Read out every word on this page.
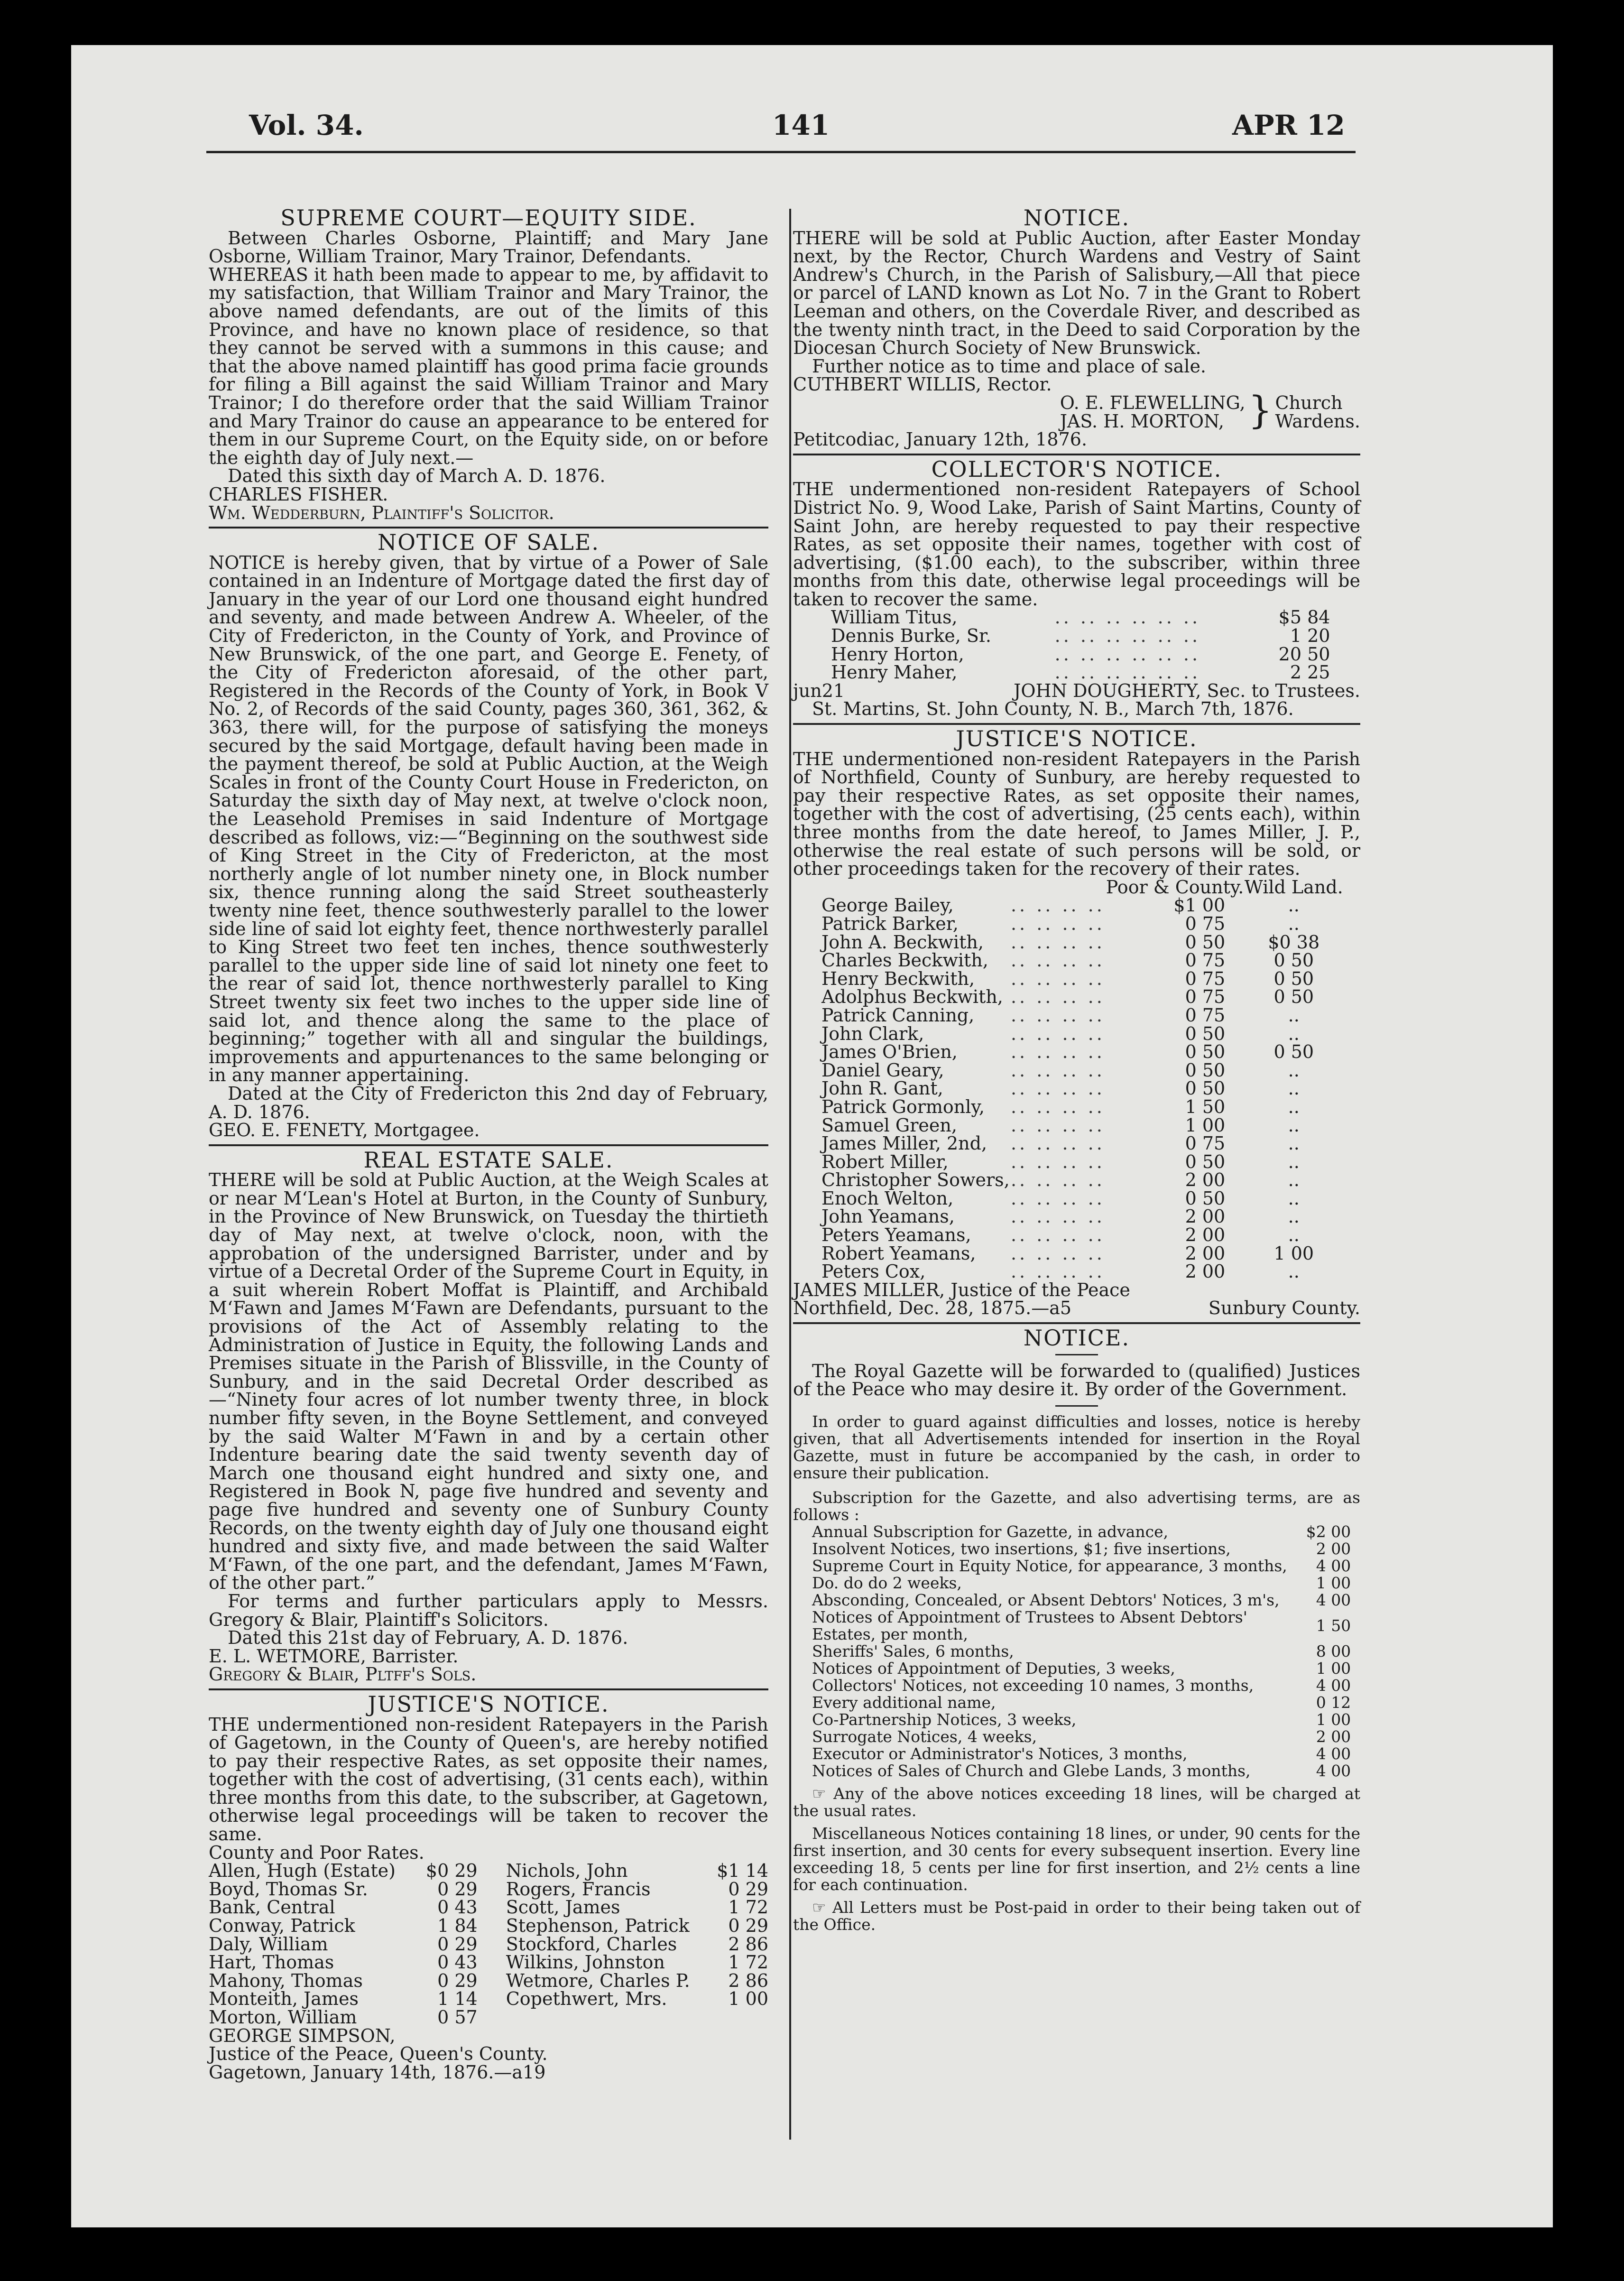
Vol. 34.	141	APR 12
SUPREME COURT—EQUITY SIDE.

Between Charles Osborne, Plaintiff; and Mary Jane Osborne, William Trainor, Mary Trainor, Defendants.

WHEREAS it hath been made to appear to me, by affidavit to my satisfaction, that William Trainor and Mary Trainor, the above named defendants, are out of the limits of this Province, and have no known place of residence, so that they cannot be served with a summons in this cause; and that the above named plaintiff has good prima facie grounds for filing a Bill against the said William Trainor and Mary Trainor; I do therefore order that the said William Trainor and Mary Trainor do cause an appearance to be entered for them in our Supreme Court, on the Equity side, on or before the eighth day of July next.—

Dated this sixth day of March A. D. 1876.

CHARLES FISHER.

Wm. Wedderburn, Plaintiff's Solicitor.

NOTICE OF SALE.

NOTICE is hereby given, that by virtue of a Power of Sale contained in an Indenture of Mortgage dated the first day of January in the year of our Lord one thousand eight hundred and seventy, and made between Andrew A. Wheeler, of the City of Fredericton, in the County of York, and Province of New Brunswick, of the one part, and George E. Fenety, of the City of Fredericton aforesaid, of the other part, Registered in the Records of the County of York, in Book V No. 2, of Records of the said County, pages 360, 361, 362, & 363, there will, for the purpose of satisfying the moneys secured by the said Mortgage, default having been made in the payment thereof, be sold at Public Auction, at the Weigh Scales in front of the County Court House in Fredericton, on Saturday the sixth day of May next, at twelve o'clock noon, the Leasehold Premises in said Indenture of Mortgage described as follows, viz:—“Beginning on the southwest side of King Street in the City of Fredericton, at the most northerly angle of lot number ninety one, in Block number six, thence running along the said Street southeasterly twenty nine feet, thence southwesterly parallel to the lower side line of said lot eighty feet, thence northwesterly parallel to King Street two feet ten inches, thence southwesterly parallel to the upper side line of said lot ninety one feet to the rear of said lot, thence northwesterly parallel to King Street twenty six feet two inches to the upper side line of said lot, and thence along the same to the place of beginning;” together with all and singular the buildings, improvements and appurtenances to the same belonging or in any manner appertaining.

Dated at the City of Fredericton this 2nd day of February, A. D. 1876.

GEO. E. FENETY, Mortgagee.

REAL ESTATE SALE.

THERE will be sold at Public Auction, at the Weigh Scales at or near M‘Lean's Hotel at Burton, in the County of Sunbury, in the Province of New Brunswick, on Tuesday the thirtieth day of May next, at twelve o'clock, noon, with the approbation of the undersigned Barrister, under and by virtue of a Decretal Order of the Supreme Court in Equity, in a suit wherein Robert Moffat is Plaintiff, and Archibald M‘Fawn and James M‘Fawn are Defendants, pursuant to the provisions of the Act of Assembly relating to the Administration of Justice in Equity, the following Lands and Premises situate in the Parish of Blissville, in the County of Sunbury, and in the said Decretal Order described as—“Ninety four acres of lot number twenty three, in block number fifty seven, in the Boyne Settlement, and conveyed by the said Walter M‘Fawn in and by a certain other Indenture bearing date the said twenty seventh day of March one thousand eight hundred and sixty one, and Registered in Book N, page five hundred and seventy and page five hundred and seventy one of Sunbury County Records, on the twenty eighth day of July one thousand eight hundred and sixty five, and made between the said Walter M‘Fawn, of the one part, and the defendant, James M‘Fawn, of the other part.”

For terms and further particulars apply to Messrs. Gregory & Blair, Plaintiff's Solicitors.

Dated this 21st day of February, A. D. 1876.

E. L. WETMORE, Barrister.

Gregory & Blair, Pltff's Sols.

JUSTICE'S NOTICE.

THE undermentioned non-resident Ratepayers in the Parish of Gagetown, in the County of Queen's, are hereby notified to pay their respective Rates, as set opposite their names, together with the cost of advertising, (31 cents each), within three months from this date, to the subscriber, at Gagetown, otherwise legal proceedings will be taken to recover the same.

County and Poor Rates.

Allen, Hugh (Estate)	$0 29	Nichols, John	$1 14
Boyd, Thomas Sr.	0 29	Rogers, Francis	0 29
Bank, Central	0 43	Scott, James	1 72
Conway, Patrick	1 84	Stephenson, Patrick	0 29
Daly, William	0 29	Stockford, Charles	2 86
Hart, Thomas	0 43	Wilkins, Johnston	1 72
Mahony, Thomas	0 29	Wetmore, Charles P.	2 86
Monteith, James	1 14	Copethwert, Mrs.	1 00
Morton, William	0 57		

GEORGE SIMPSON,

Justice of the Peace, Queen's County.

Gagetown, January 14th, 1876.—a19

NOTICE.

THERE will be sold at Public Auction, after Easter Monday next, by the Rector, Church Wardens and Vestry of Saint Andrew's Church, in the Parish of Salisbury,—All that piece or parcel of LAND known as Lot No. 7 in the Grant to Robert Leeman and others, on the Coverdale River, and described as the twenty ninth tract, in the Deed to said Corporation by the Diocesan Church Society of New Brunswick.

Further notice as to time and place of sale.

CUTHBERT WILLIS, Rector.

O. E. FLEWELLING,
JAS. H. MORTON, } Church
Wardens.

Petitcodiac, January 12th, 1876.

COLLECTOR'S NOTICE.

THE undermentioned non-resident Ratepayers of School District No. 9, Wood Lake, Parish of Saint Martins, County of Saint John, are hereby requested to pay their respective Rates, as set opposite their names, together with cost of advertising, ($1.00 each), to the subscriber, within three months from this date, otherwise legal proceedings will be taken to recover the same.

William Titus,	.. .. .. .. .. ..	$5 84
Dennis Burke, Sr.	.. .. .. .. .. ..	1 20
Henry Horton,	.. .. .. .. .. ..	20 50
Henry Maher,	.. .. .. .. .. ..	2 25
jun21	JOHN DOUGHERTY, Sec. to Trustees.

St. Martins, St. John County, N. B., March 7th, 1876.

JUSTICE'S NOTICE.

THE undermentioned non-resident Ratepayers in the Parish of Northfield, County of Sunbury, are hereby requested to pay their respective Rates, as set opposite their names, together with the cost of advertising, (25 cents each), within three months from the date hereof, to James Miller, J. P., otherwise the real estate of such persons will be sold, or other proceedings taken for the recovery of their rates.

		Poor & County.	Wild Land.
George Bailey,	.. .. .. ..	$1 00	..
Patrick Barker,	.. .. .. ..	0 75	..
John A. Beckwith,	.. .. .. ..	0 50	$0 38
Charles Beckwith,	.. .. .. ..	0 75	0 50
Henry Beckwith,	.. .. .. ..	0 75	0 50
Adolphus Beckwith,	.. .. .. ..	0 75	0 50
Patrick Canning,	.. .. .. ..	0 75	..
John Clark,	.. .. .. ..	0 50	..
James O'Brien,	.. .. .. ..	0 50	0 50
Daniel Geary,	.. .. .. ..	0 50	..
John R. Gant,	.. .. .. ..	0 50	..
Patrick Gormonly,	.. .. .. ..	1 50	..
Samuel Green,	.. .. .. ..	1 00	..
James Miller, 2nd,	.. .. .. ..	0 75	..
Robert Miller,	.. .. .. ..	0 50	..
Christopher Sowers,	.. .. .. ..	2 00	..
Enoch Welton,	.. .. .. ..	0 50	..
John Yeamans,	.. .. .. ..	2 00	..
Peters Yeamans,	.. .. .. ..	2 00	..
Robert Yeamans,	.. .. .. ..	2 00	1 00
Peters Cox,	.. .. .. ..	2 00	..

JAMES MILLER, Justice of the Peace

Northfield, Dec. 28, 1875.—a5	Sunbury County.
NOTICE.

The Royal Gazette will be forwarded to (qualified) Justices of the Peace who may desire it. By order of the Government.

In order to guard against difficulties and losses, notice is hereby given, that all Advertisements intended for insertion in the Royal Gazette, must in future be accompanied by the cash, in order to ensure their publication.

Subscription for the Gazette, and also advertising terms, are as follows :

Annual Subscription for Gazette, in advance,	$2 00
Insolvent Notices, two insertions, $1; five insertions,	2 00
Supreme Court in Equity Notice, for appearance, 3 months,	4 00
Do. do do 2 weeks,	1 00
Absconding, Concealed, or Absent Debtors' Notices, 3 m's,	4 00
Notices of Appointment of Trustees to Absent Debtors' Estates, per month,	1 50
Sheriffs' Sales, 6 months,	8 00
Notices of Appointment of Deputies, 3 weeks,	1 00
Collectors' Notices, not exceeding 10 names, 3 months,	4 00
Every additional name,	0 12
Co-Partnership Notices, 3 weeks,	1 00
Surrogate Notices, 4 weeks,	2 00
Executor or Administrator's Notices, 3 months,	4 00
Notices of Sales of Church and Glebe Lands, 3 months,	4 00

☞ Any of the above notices exceeding 18 lines, will be charged at the usual rates.

Miscellaneous Notices containing 18 lines, or under, 90 cents for the first insertion, and 30 cents for every subsequent insertion. Every line exceeding 18, 5 cents per line for first insertion, and 2½ cents a line for each continuation.

☞ All Letters must be Post-paid in order to their being taken out of the Office.
